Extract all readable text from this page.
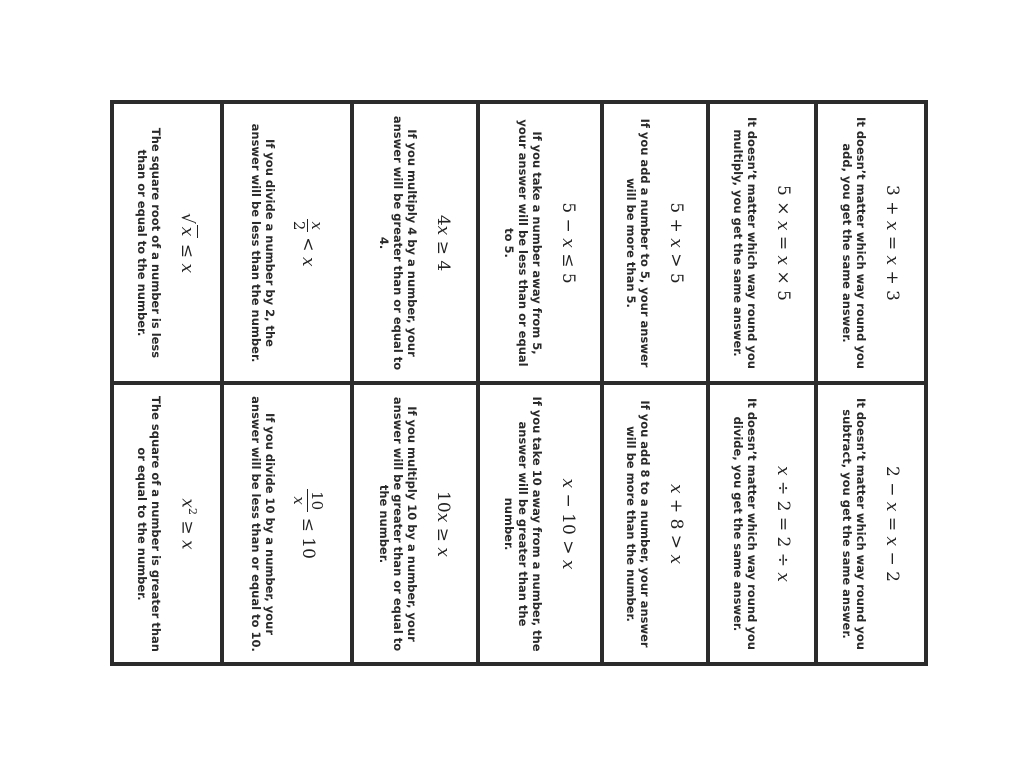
3 + x = x + 3
It doesn’t matter which way round you add, you get the same answer.
5 × x = x × 5
It doesn’t matter which way round you multiply, you get the same answer.
5 + x > 5
If you add a number to 5, your answer will be more than 5.
5 − x ≤ 5
If you take a number away from 5, your answer will be less than or equal to 5.
4x ≥ 4
If you multiply 4 by a number, your answer will be greater than or equal to 4.
x
2
< x
If you divide a number by 2, the answer will be less than the number.
√x ≤ x
The square root of a number is less than or equal to the number.
2 − x = x − 2
It doesn’t matter which way round you subtract, you get the same answer.
x ÷ 2 = 2 ÷ x
It doesn’t matter which way round you divide, you get the same answer.
x + 8 > x
If you add 8 to a number, your answer will be more than the number.
x − 10 > x
If you take 10 away from a number, the answer will be greater than the number.
10x ≥ x
If you multiply 10 by a number, your answer will be greater than or equal to the number.
10
x
≤ 10
If you divide 10 by a number, your answer will be less than or equal to 10.
$x^2 \ge x$
The square of a number is greater than or equal to the number.
